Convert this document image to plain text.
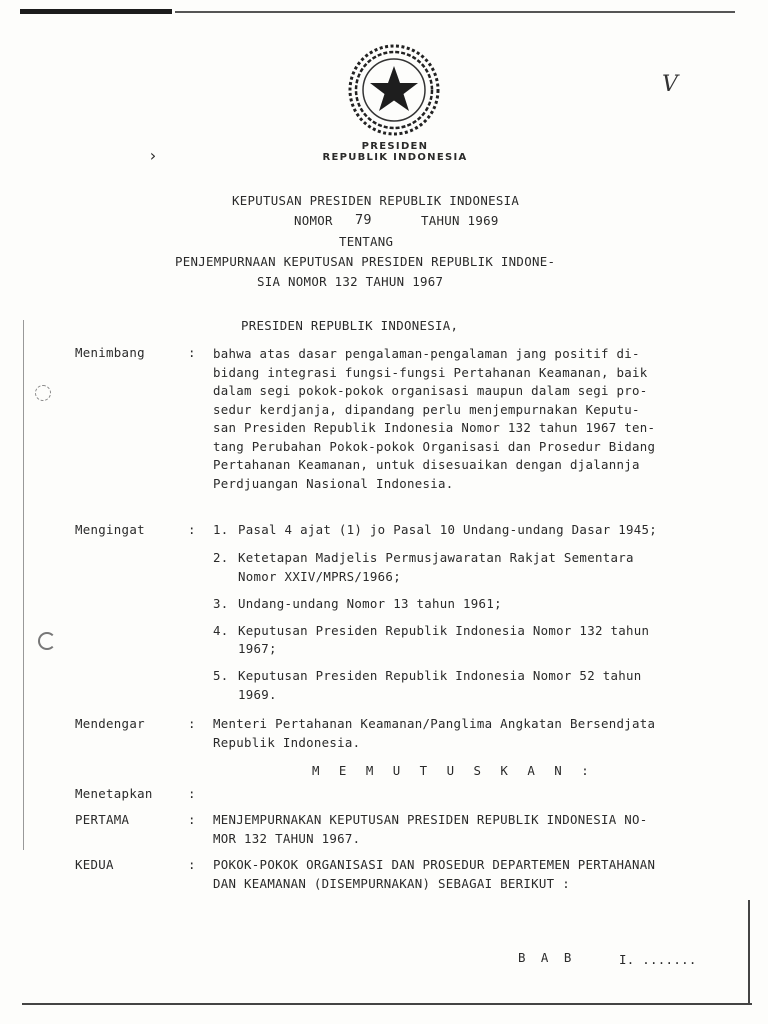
V
›	PRESIDEN
REPUBLIK INDONESIA
KEPUTUSAN PRESIDEN REPUBLIK INDONESIA
NOMOR 79	TAHUN 1969
TENTANG
PENJEMPURNAAN KEPUTUSAN PRESIDEN REPUBLIK INDONE-
SIA NOMOR 132 TAHUN 1967
PRESIDEN REPUBLIK INDONESIA,
Menimbang	: bahwa atas dasar pengalaman-pengalaman jang positif di-
bidang integrasi fungsi-fungsi Pertahanan Keamanan, baik
dalam segi pokok-pokok organisasi maupun dalam segi pro-
sedur kerdjanja, dipandang perlu menjempurnakan Keputu-
san Presiden Republik Indonesia Nomor 132 tahun 1967 ten-
tang Perubahan Pokok-pokok Organisasi dan Prosedur Bidang
Pertahanan Keamanan, untuk disesuaikan dengan djalannja
Perdjuangan Nasional Indonesia.
Mengingat	: 1. Pasal 4 ajat (1) jo Pasal 10 Undang-undang Dasar 1945;
2. Ketetapan Madjelis Permusjawaratan Rakjat Sementara
Nomor XXIV/MPRS/1966;
3. Undang-undang Nomor 13 tahun 1961;
4. Keputusan Presiden Republik Indonesia Nomor 132 tahun
1967;
5. Keputusan Presiden Republik Indonesia Nomor 52 tahun
1969.
Mendengar	: Menteri Pertahanan Keamanan/Panglima Angkatan Bersendjata
Republik Indonesia.
M E M U T U S K A N :
Menetapkan	:
PERTAMA	: MENJEMPURNAKAN KEPUTUSAN PRESIDEN REPUBLIK INDONESIA NO-
MOR 132 TAHUN 1967.
KEDUA	: POKOK-POKOK ORGANISASI DAN PROSEDUR DEPARTEMEN PERTAHANAN
DAN KEAMANAN (DISEMPURNAKAN) SEBAGAI BERIKUT :
B A B	I. .......
